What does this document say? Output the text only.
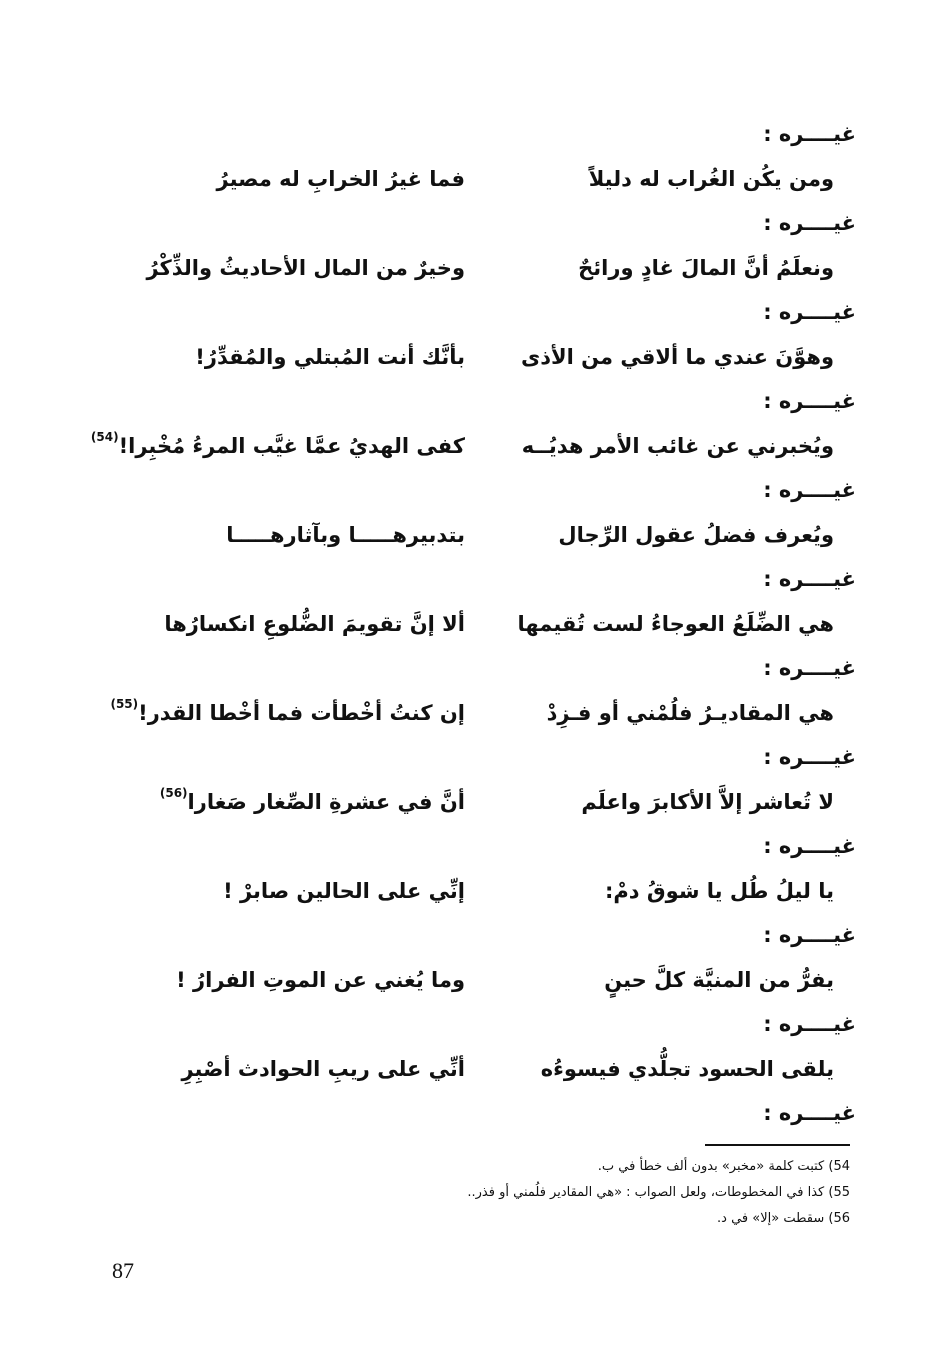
غيــــره :
غيــــره :
غيــــره :
غيــــره :
غيــــره :
غيــــره :
غيــــره :
غيــــره :
غيــــره :
غيــــره :
غيــــره :
غيــــره :
ومن يكُن الغُراب له دليلاً
فما غيرُ الخرابِ له مصيرُ
ونعلَمُ أنَّ المالَ غادٍ ورائحٌ
وخيرٌ من المال الأحاديثُ والذِّكْرُ
وهوَّنَ عندي ما ألاقي من الأذى
بأنَّك أنت المُبتلي والمُقدِّرُ!
ويُخبرني عن غائب الأمر هديُــه
كفى الهديُ عمَّا غيَّب المرءُ مُخْبِرا!$^{(54)}$
ويُعرف فضلُ عقول الرِّجال
بتدبيرهـــــا وبآثارهـــــا
هي الضِّلَعُ العوجاءُ لست تُقيمها
ألا إنَّ تقويمَ الضُّلوعِ انكسارُها
هي المقاديـرُ فلُمْني أو فـزِدْ
إن كنتُ أخْطأت فما أخْطا القدر!$^{(55)}$
لا تُعاشر إلاَّ الأكابرَ واعلَم
أنَّ في عشرةِ الصِّغار صَغارا$^{(56)}$
يا ليلُ طُل يا شوقُ دمْ:
إنِّي على الحالين صابرْ !
يفرُّ من المنيَّة كلَّ حينٍ
وما يُغني عن الموتِ الفرارُ !
يلقى الحسود تجلُّدي فيسوءُه
أنِّي على ريبِ الحوادث أصْبِرِ
54) كتبت كلمة «مخبر» بدون ألف خطأ في ب.
55) كذا في المخطوطات، ولعل الصواب : «هي المقادير فلُمني أو فذر..
56) سقطت «إلا» في د.
87
